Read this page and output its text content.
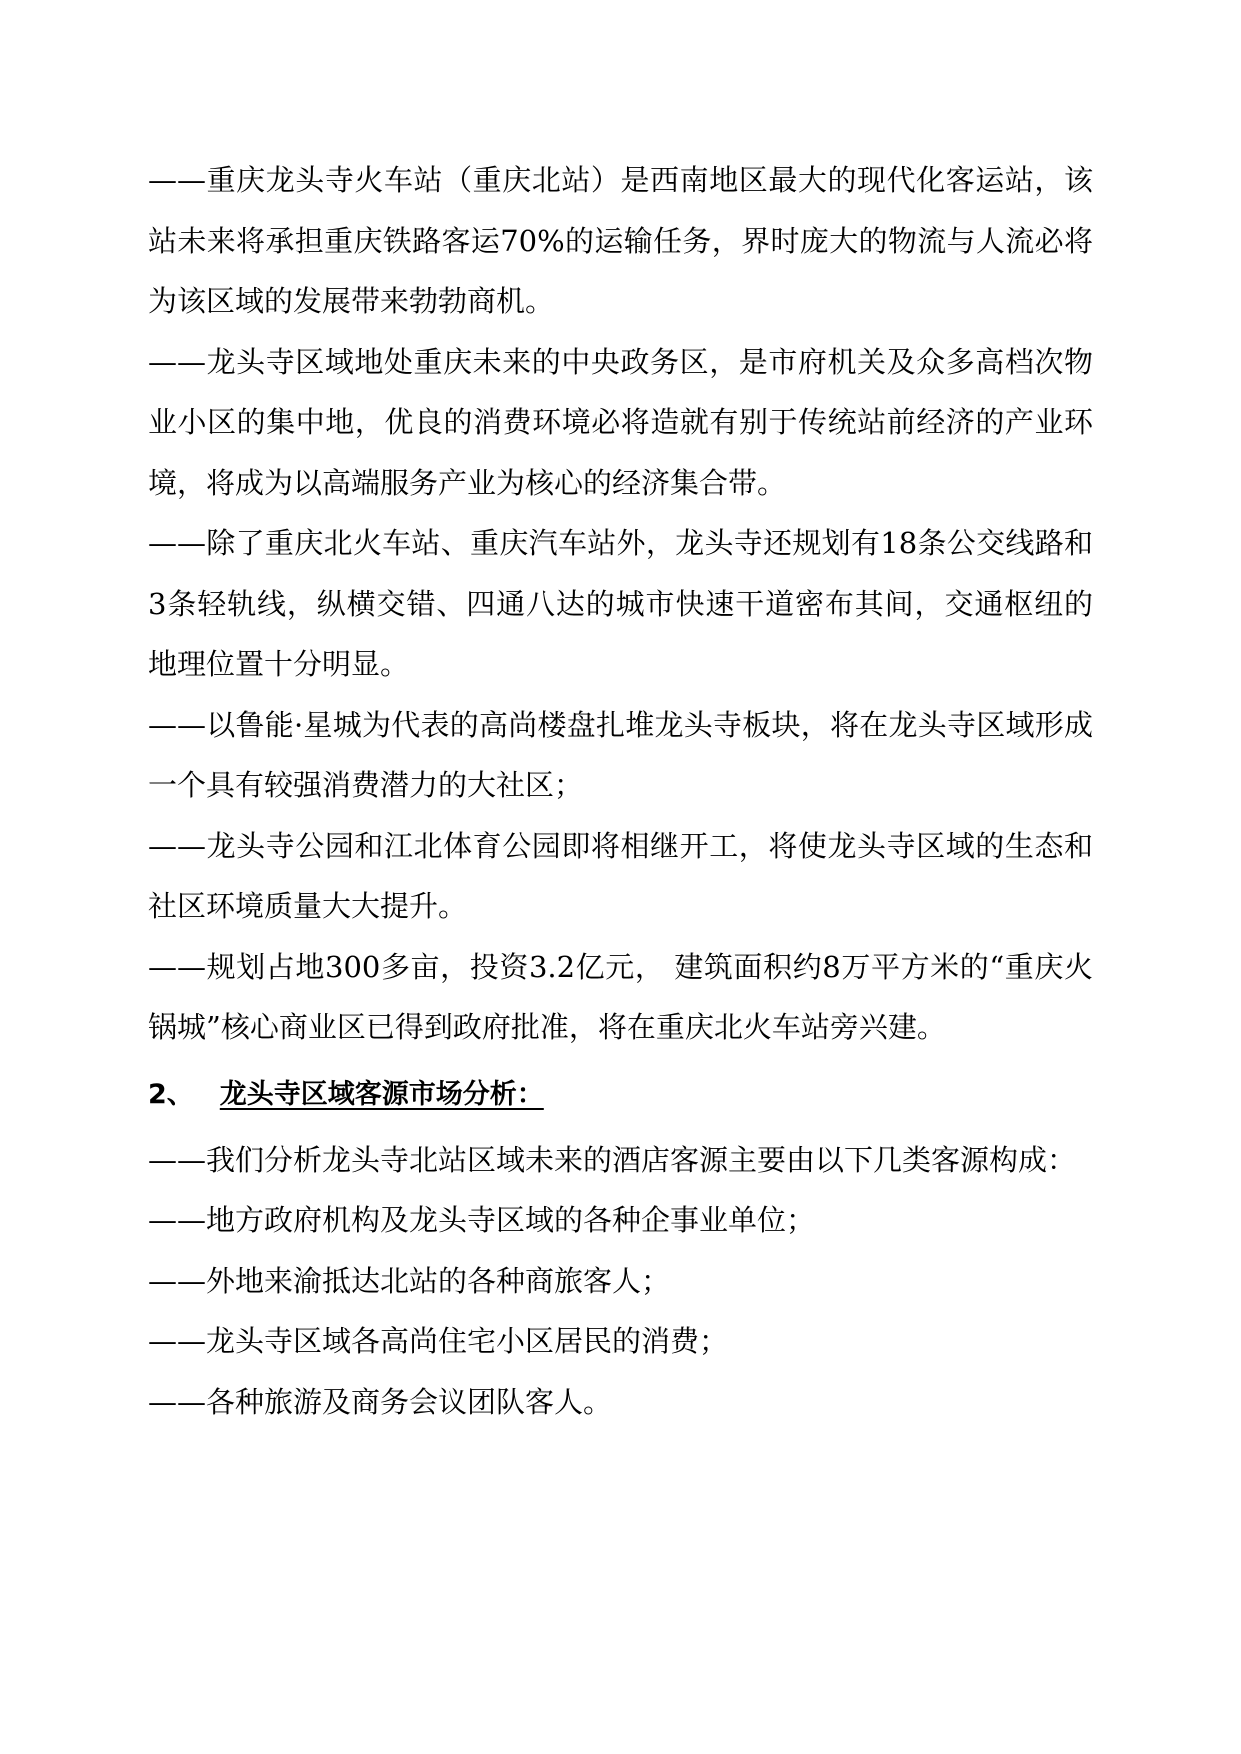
——重庆龙头寺火车站（重庆北站）是西南地区最大的现代化客运站，该站未来将承担重庆铁路客运70%的运输任务，界时庞大的物流与人流必将为该区域的发展带来勃勃商机。

——龙头寺区域地处重庆未来的中央政务区，是市府机关及众多高档次物业小区的集中地，优良的消费环境必将造就有别于传统站前经济的产业环境，将成为以高端服务产业为核心的经济集合带。

——除了重庆北火车站、重庆汽车站外，龙头寺还规划有18条公交线路和3条轻轨线，纵横交错、四通八达的城市快速干道密布其间，交通枢纽的地理位置十分明显。

——以鲁能·星城为代表的高尚楼盘扎堆龙头寺板块，将在龙头寺区域形成一个具有较强消费潜力的大社区；

——龙头寺公园和江北体育公园即将相继开工，将使龙头寺区域的生态和社区环境质量大大提升。

——规划占地300多亩，投资3.2亿元， 建筑面积约8万平方米的“重庆火锅城”核心商业区已得到政府批准，将在重庆北火车站旁兴建。

2、 龙头寺区域客源市场分析：

——我们分析龙头寺北站区域未来的酒店客源主要由以下几类客源构成：

——地方政府机构及龙头寺区域的各种企事业单位；

——外地来渝抵达北站的各种商旅客人；

——龙头寺区域各高尚住宅小区居民的消费；

——各种旅游及商务会议团队客人。
